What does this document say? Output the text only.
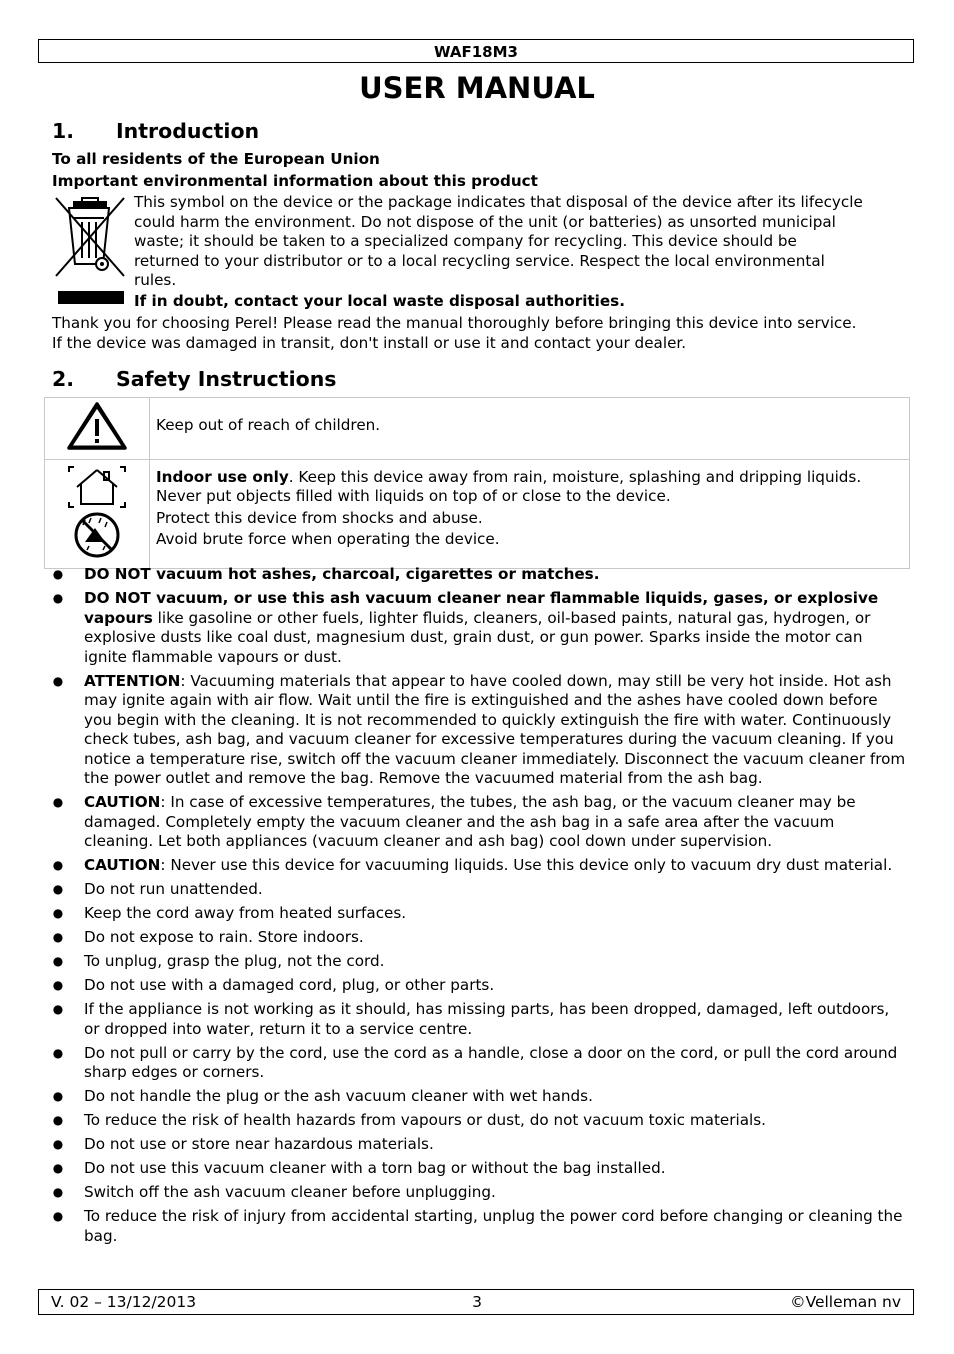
WAF18M3
USER MANUAL
1. Introduction
To all residents of the European Union
Important environmental information about this product
This symbol on the device or the package indicates that disposal of the device after its lifecycle
could harm the environment. Do not dispose of the unit (or batteries) as unsorted municipal
waste; it should be taken to a specialized company for recycling. This device should be
returned to your distributor or to a local recycling service. Respect the local environmental
rules.
If in doubt, contact your local waste disposal authorities.
Thank you for choosing Perel! Please read the manual thoroughly before bringing this device into service.
If the device was damaged in transit, don't install or use it and contact your dealer.
2. Safety Instructions
	Keep out of reach of children.

Indoor use only. Keep this device away from rain, moisture, splashing and dripping liquids.
Never put objects filled with liquids on top of or close to the device.
Protect this device from shocks and abuse.
Avoid brute force when operating the device.
● DO NOT vacuum hot ashes, charcoal, cigarettes or matches.
● DO NOT vacuum, or use this ash vacuum cleaner near flammable liquids, gases, or explosive vapours like gasoline or other fuels, lighter fluids, cleaners, oil-based paints, natural gas, hydrogen, or explosive dusts like coal dust, magnesium dust, grain dust, or gun power. Sparks inside the motor can ignite flammable vapours or dust.
● ATTENTION: Vacuuming materials that appear to have cooled down, may still be very hot inside. Hot ash may ignite again with air flow. Wait until the fire is extinguished and the ashes have cooled down before you begin with the cleaning. It is not recommended to quickly extinguish the fire with water. Continuously check tubes, ash bag, and vacuum cleaner for excessive temperatures during the vacuum cleaning. If you notice a temperature rise, switch off the vacuum cleaner immediately. Disconnect the vacuum cleaner from the power outlet and remove the bag. Remove the vacuumed material from the ash bag.
● CAUTION: In case of excessive temperatures, the tubes, the ash bag, or the vacuum cleaner may be damaged. Completely empty the vacuum cleaner and the ash bag in a safe area after the vacuum cleaning. Let both appliances (vacuum cleaner and ash bag) cool down under supervision.
● CAUTION: Never use this device for vacuuming liquids. Use this device only to vacuum dry dust material.
● Do not run unattended.
● Keep the cord away from heated surfaces.
● Do not expose to rain. Store indoors.
● To unplug, grasp the plug, not the cord.
● Do not use with a damaged cord, plug, or other parts.
● If the appliance is not working as it should, has missing parts, has been dropped, damaged, left outdoors, or dropped into water, return it to a service centre.
● Do not pull or carry by the cord, use the cord as a handle, close a door on the cord, or pull the cord around sharp edges or corners.
● Do not handle the plug or the ash vacuum cleaner with wet hands.
● To reduce the risk of health hazards from vapours or dust, do not vacuum toxic materials.
● Do not use or store near hazardous materials.
● Do not use this vacuum cleaner with a torn bag or without the bag installed.
● Switch off the ash vacuum cleaner before unplugging.
● To reduce the risk of injury from accidental starting, unplug the power cord before changing or cleaning the bag.
V. 02 – 13/12/2013	3	©Velleman nv
